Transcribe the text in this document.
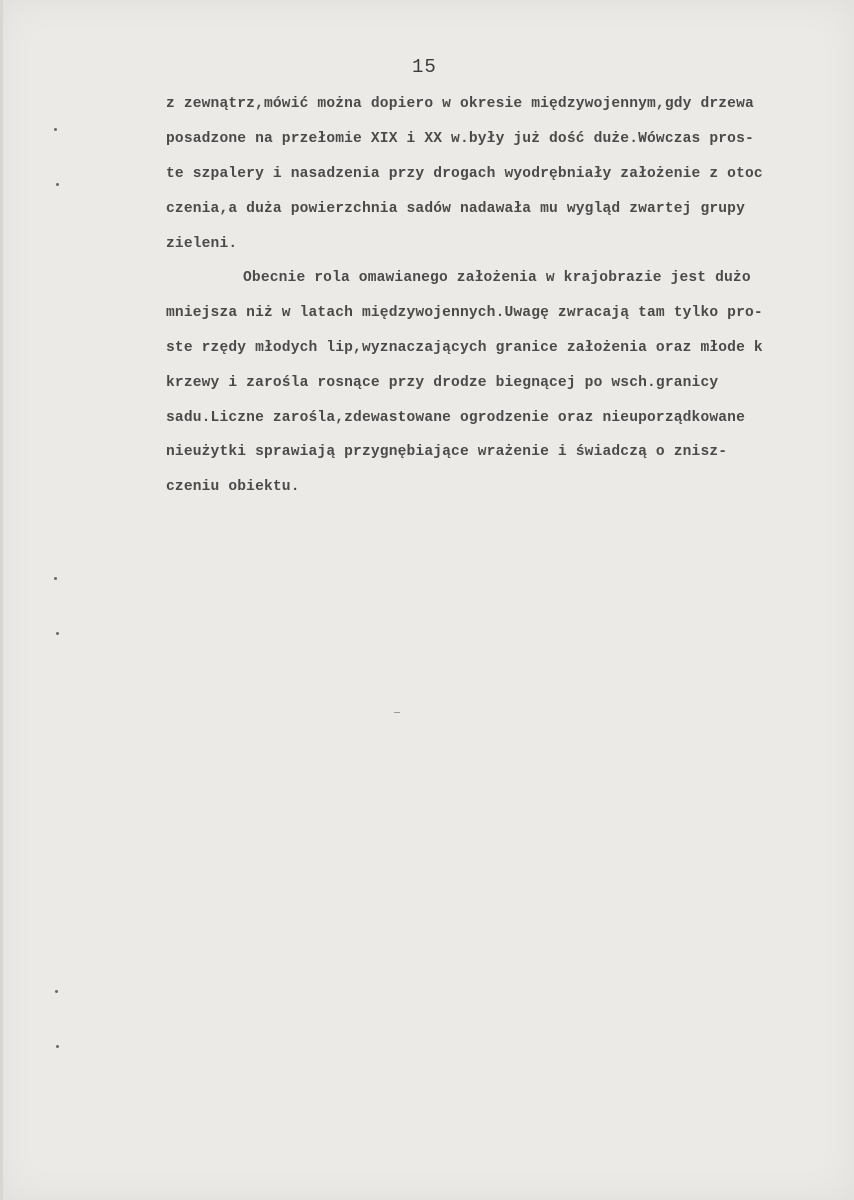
15
z zewnątrz,mówić można dopiero w okresie międzywojennym,gdy drzewa
posadzone na przełomie XIX i XX w.były już dość duże.Wówczas pros-
te szpalery i nasadzenia przy drogach wyodrębniały założenie z otoc
czenia,a duża powierzchnia sadów nadawała mu wygląd zwartej grupy
zieleni.
Obecnie rola omawianego założenia w krajobrazie jest dużo
mniejsza niż w latach międzywojennych.Uwagę zwracają tam tylko pro-
ste rzędy młodych lip,wyznaczających granice założenia oraz młode k
krzewy i zarośla rosnące przy drodze biegnącej po wsch.granicy
sadu.Liczne zarośla,zdewastowane ogrodzenie oraz nieuporządkowane
nieużytki sprawiają przygnębiające wrażenie i świadczą o znisz-
czeniu obiektu.
